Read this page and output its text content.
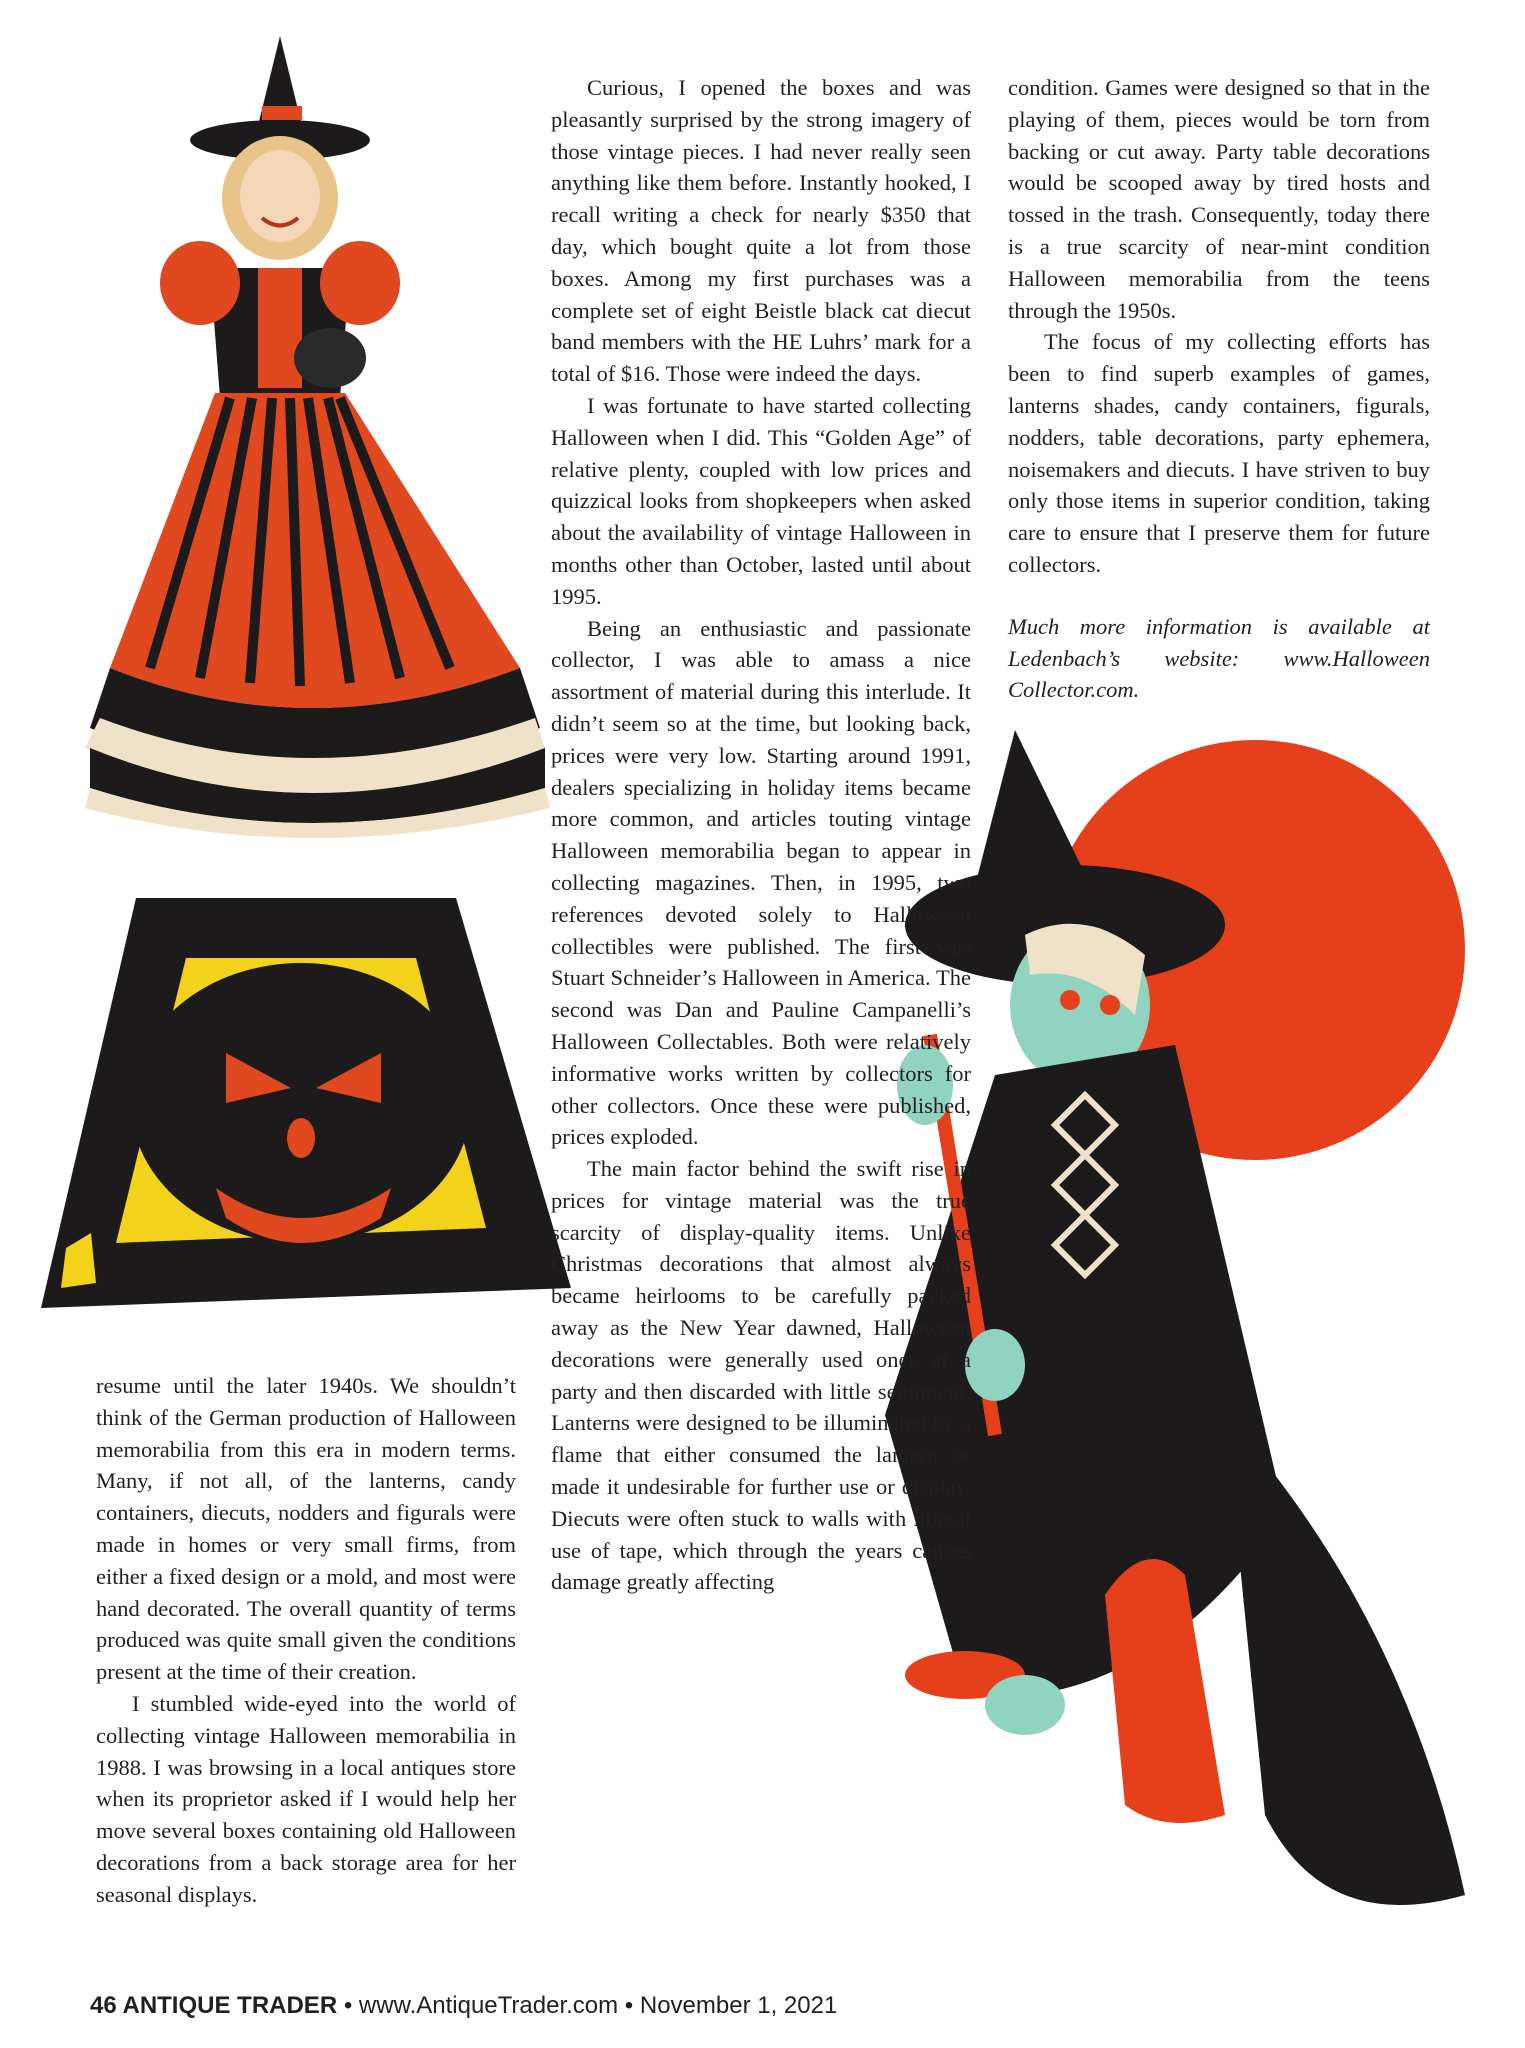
Curious, I opened the boxes and was pleasantly surprised by the strong imagery of those vintage pieces. I had never really seen anything like them before. Instantly hooked, I recall writing a check for nearly $350 that day, which bought quite a lot from those boxes. Among my first purchases was a complete set of eight Beistle black cat diecut band members with the HE Luhrs’ mark for a total of $16. Those were indeed the days.

I was fortunate to have started collecting Halloween when I did. This “Golden Age” of relative plenty, coupled with low prices and quizzical looks from shopkeepers when asked about the availability of vintage Halloween in months other than October, lasted until about 1995.

Being an enthusiastic and passionate collector, I was able to amass a nice assortment of material during this interlude. It didn’t seem so at the time, but looking back, prices were very low. Starting around 1991, dealers specializing in holiday items became more common, and articles touting vintage Halloween memorabilia began to appear in collecting magazines. Then, in 1995, two references devoted solely to Halloween collectibles were published. The first was Stuart Schneider’s Halloween in America. The second was Dan and Pauline Campanelli’s Halloween Collectables. Both were relatively informative works written by collectors for other collectors. Once these were published, prices exploded.

The main factor behind the swift rise in prices for vintage material was the true scarcity of display-quality items. Unlike Christmas decorations that almost always became heirlooms to be carefully packed away as the New Year dawned, Halloween decorations were generally used once at a party and then discarded with little sentiment. Lanterns were designed to be illuminated by a flame that either consumed the lantern or made it undesirable for further use or display. Diecuts were often stuck to walls with liberal use of tape, which through the years causes damage greatly affecting

condition. Games were designed so that in the playing of them, pieces would be torn from backing or cut away. Party table decorations would be scooped away by tired hosts and tossed in the trash. Consequently, today there is a true scarcity of near-mint condition Halloween memorabilia from the teens through the 1950s.

The focus of my collecting efforts has been to find superb examples of games, lanterns shades, candy containers, figurals, nodders, table decorations, party ephemera, noisemakers and diecuts. I have striven to buy only those items in superior condition, taking care to ensure that I preserve them for future collectors.

Much more information is available at Ledenbach’s website: www.Halloween Collector.com.

resume until the later 1940s. We shouldn’t think of the German production of Halloween memorabilia from this era in modern terms. Many, if not all, of the lanterns, candy containers, diecuts, nodders and figurals were made in homes or very small firms, from either a fixed design or a mold, and most were hand decorated. The overall quantity of terms produced was quite small given the conditions present at the time of their creation.

I stumbled wide-eyed into the world of collecting vintage Halloween memorabilia in 1988. I was browsing in a local antiques store when its proprietor asked if I would help her move several boxes containing old Halloween decorations from a back storage area for her seasonal displays.

46 ANTIQUE TRADER • www.AntiqueTrader.com • November 1, 2021
